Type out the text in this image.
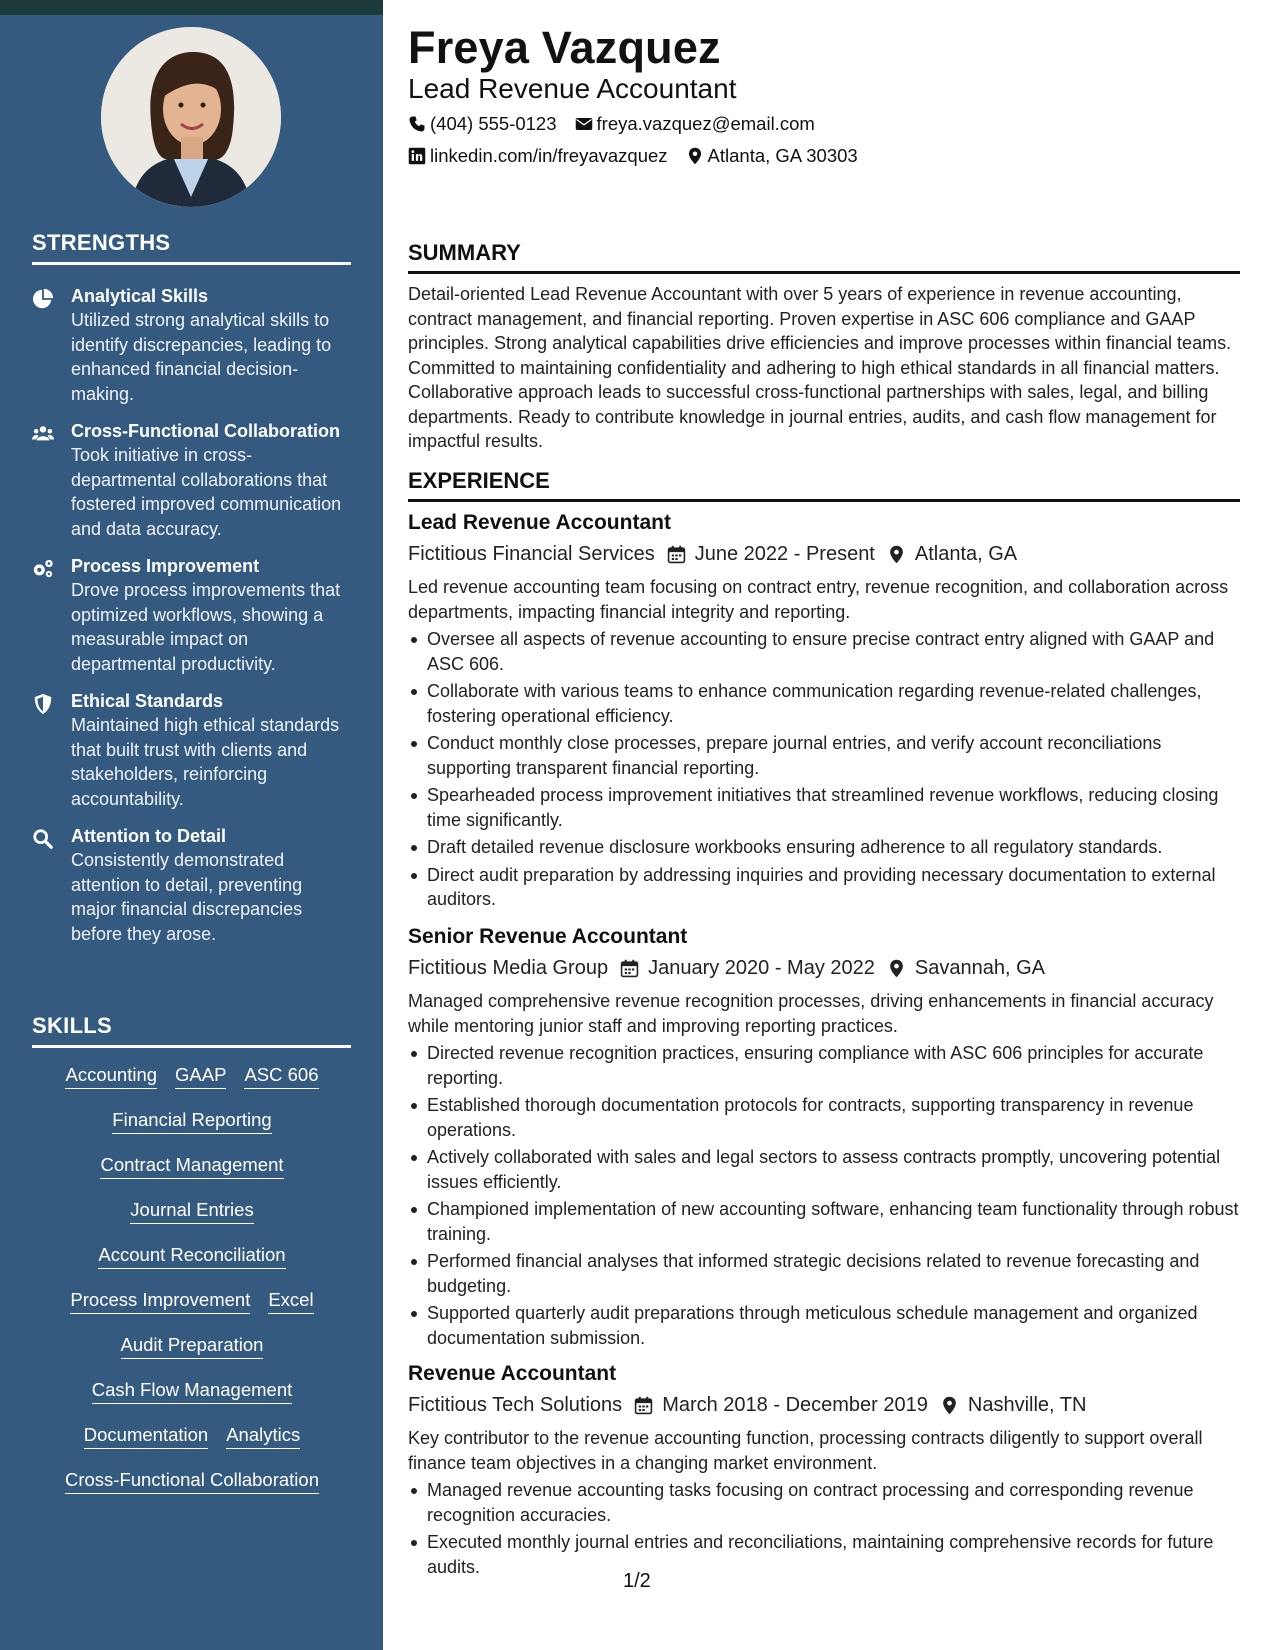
STRENGTHS
Analytical Skills
Utilized strong analytical skills to identify discrepancies, leading to enhanced financial decision-making.
Cross-Functional Collaboration
Took initiative in cross-departmental collaborations that fostered improved communication and data accuracy.
Process Improvement
Drove process improvements that optimized workflows, showing a measurable impact on departmental productivity.
Ethical Standards
Maintained high ethical standards that built trust with clients and stakeholders, reinforcing accountability.
Attention to Detail
Consistently demonstrated attention to detail, preventing major financial discrepancies before they arose.
SKILLS
Accounting GAAP ASC 606
Financial Reporting
Contract Management
Journal Entries
Account Reconciliation
Process Improvement Excel
Audit Preparation
Cash Flow Management
Documentation Analytics
Cross-Functional Collaboration
Freya Vazquez
Lead Revenue Accountant
(404) 555-0123 freya.vazquez@email.com
linkedin.com/in/freyavazquez Atlanta, GA 30303
SUMMARY
Detail-oriented Lead Revenue Accountant with over 5 years of experience in revenue accounting, contract management, and financial reporting. Proven expertise in ASC 606 compliance and GAAP principles. Strong analytical capabilities drive efficiencies and improve processes within financial teams. Committed to maintaining confidentiality and adhering to high ethical standards in all financial matters. Collaborative approach leads to successful cross-functional partnerships with sales, legal, and billing departments. Ready to contribute knowledge in journal entries, audits, and cash flow management for impactful results.
EXPERIENCE
Lead Revenue Accountant
Fictitious Financial Services June 2022 - Present Atlanta, GA
Led revenue accounting team focusing on contract entry, revenue recognition, and collaboration across departments, impacting financial integrity and reporting.
Oversee all aspects of revenue accounting to ensure precise contract entry aligned with GAAP and ASC 606.
Collaborate with various teams to enhance communication regarding revenue-related challenges, fostering operational efficiency.
Conduct monthly close processes, prepare journal entries, and verify account reconciliations supporting transparent financial reporting.
Spearheaded process improvement initiatives that streamlined revenue workflows, reducing closing time significantly.
Draft detailed revenue disclosure workbooks ensuring adherence to all regulatory standards.
Direct audit preparation by addressing inquiries and providing necessary documentation to external auditors.
Senior Revenue Accountant
Fictitious Media Group January 2020 - May 2022 Savannah, GA
Managed comprehensive revenue recognition processes, driving enhancements in financial accuracy while mentoring junior staff and improving reporting practices.
Directed revenue recognition practices, ensuring compliance with ASC 606 principles for accurate reporting.
Established thorough documentation protocols for contracts, supporting transparency in revenue operations.
Actively collaborated with sales and legal sectors to assess contracts promptly, uncovering potential issues efficiently.
Championed implementation of new accounting software, enhancing team functionality through robust training.
Performed financial analyses that informed strategic decisions related to revenue forecasting and budgeting.
Supported quarterly audit preparations through meticulous schedule management and organized documentation submission.
Revenue Accountant
Fictitious Tech Solutions March 2018 - December 2019 Nashville, TN
Key contributor to the revenue accounting function, processing contracts diligently to support overall finance team objectives in a changing market environment.
Managed revenue accounting tasks focusing on contract processing and corresponding revenue recognition accuracies.
Executed monthly journal entries and reconciliations, maintaining comprehensive records for future audits.
1/2
